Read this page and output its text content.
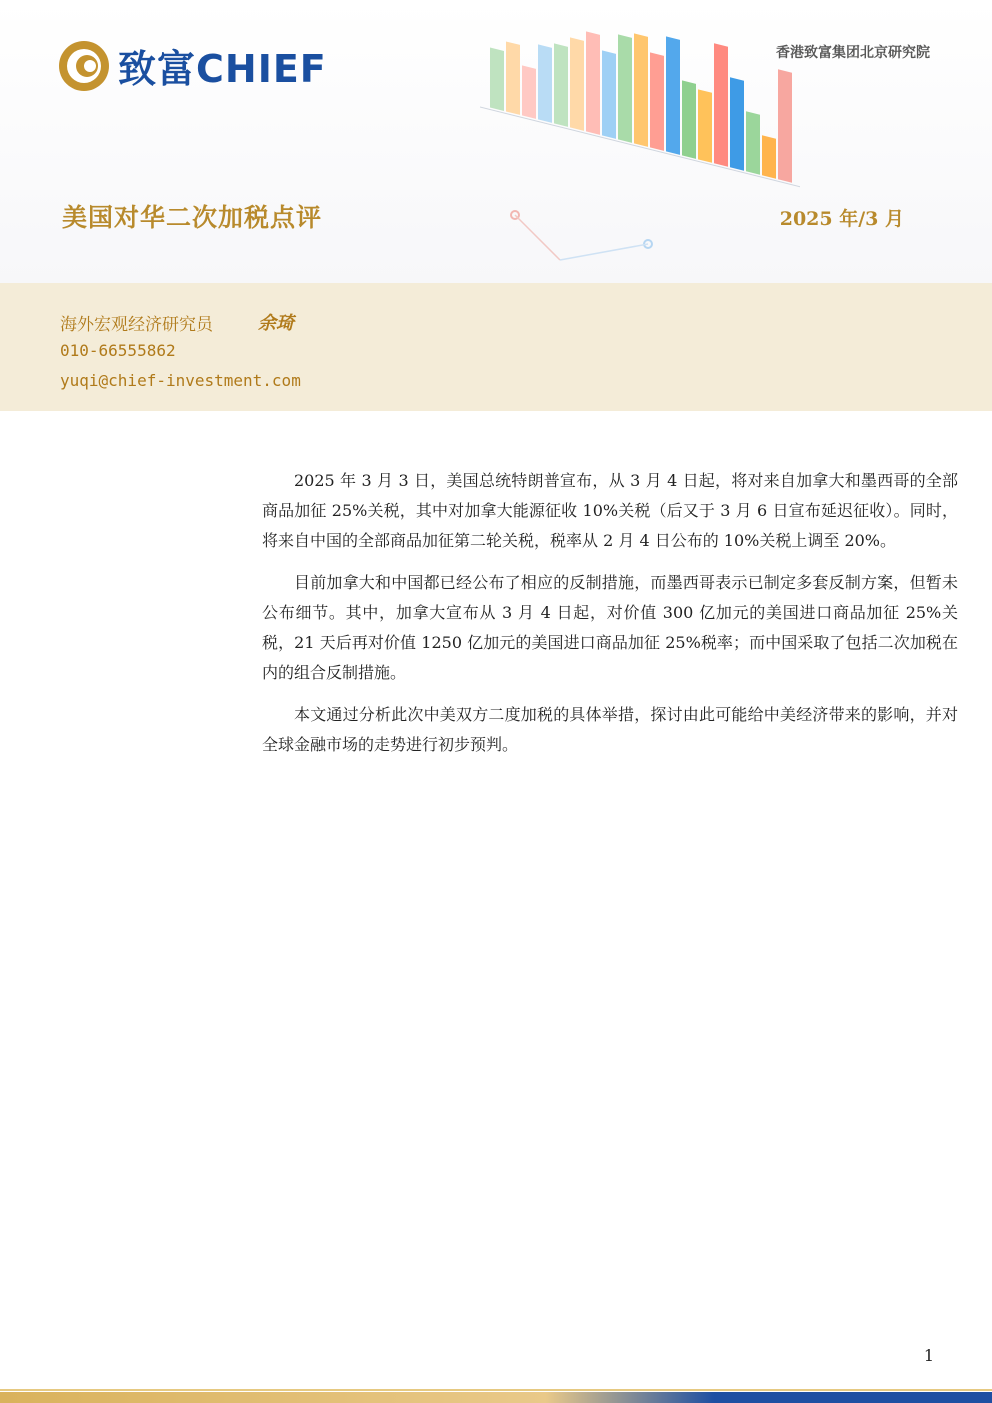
致富CHIEF	香港致富集团北京研究院
美国对华二次加税点评	2025 年/3 月
海外宏观经济研究员	余琦
010-66555862
yuqi@chief-investment.com

2025 年 3 月 3 日，美国总统特朗普宣布，从 3 月 4 日起，将对来自加拿大和墨西哥的全部商品加征 25%关税，其中对加拿大能源征收 10%关税（后又于 3 月 6 日宣布延迟征收）。同时，将来自中国的全部商品加征第二轮关税，税率从 2 月 4 日公布的 10%关税上调至 20%。

目前加拿大和中国都已经公布了相应的反制措施，而墨西哥表示已制定多套反制方案，但暂未公布细节。其中，加拿大宣布从 3 月 4 日起，对价值 300 亿加元的美国进口商品加征 25%关税，21 天后再对价值 1250 亿加元的美国进口商品加征 25%税率；而中国采取了包括二次加税在内的组合反制措施。

本文通过分析此次中美双方二度加税的具体举措，探讨由此可能给中美经济带来的影响，并对全球金融市场的走势进行初步预判。

1
